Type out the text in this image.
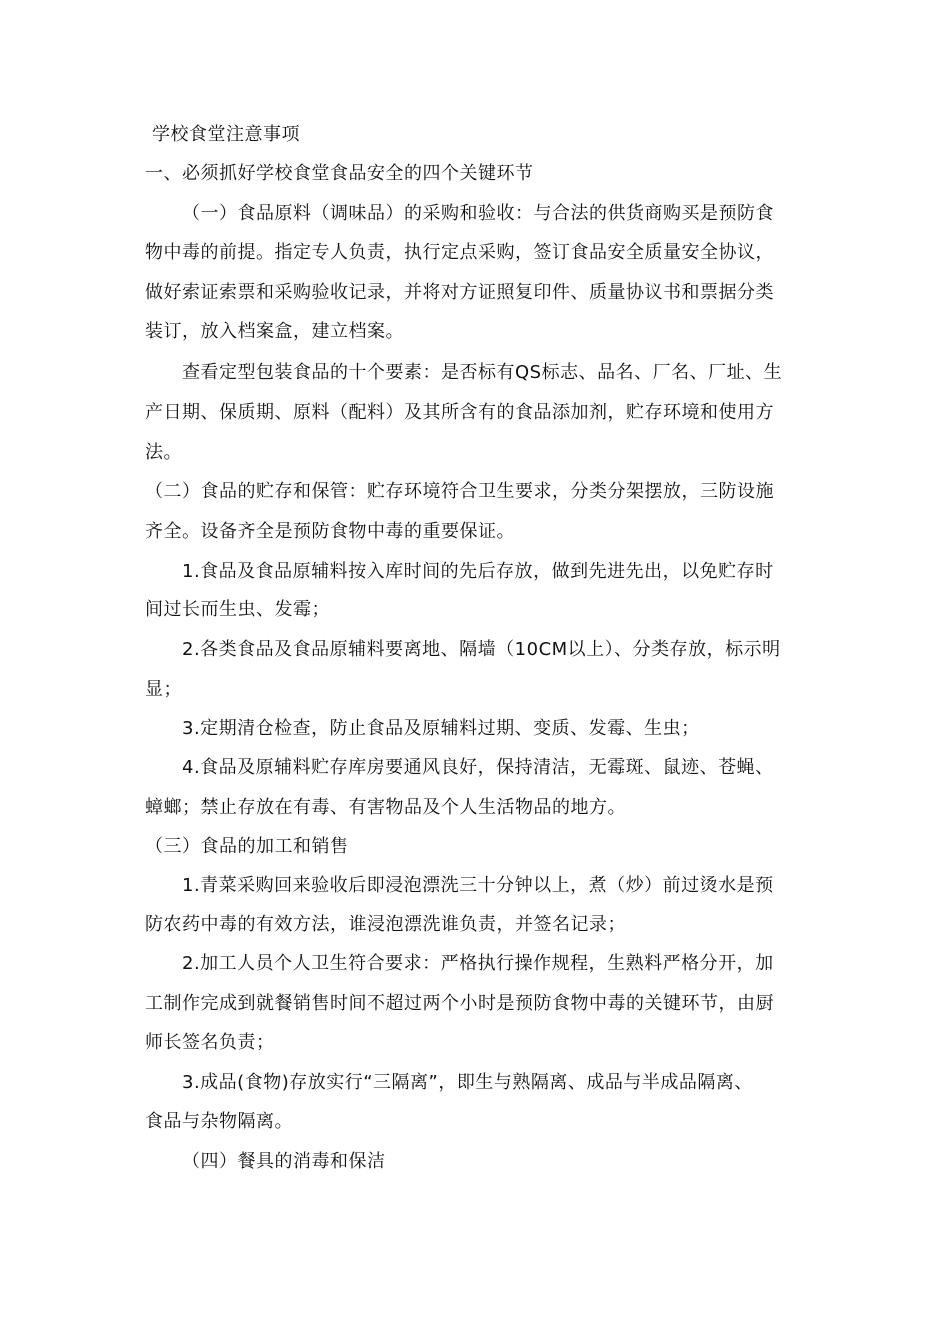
学校食堂注意事项
一、必须抓好学校食堂食品安全的四个关键环节
（一）食品原料（调味品）的采购和验收：与合法的供货商购买是预防食
物中毒的前提。指定专人负责，执行定点采购，签订食品安全质量安全协议，
做好索证索票和采购验收记录，并将对方证照复印件、质量协议书和票据分类
装订，放入档案盒，建立档案。
查看定型包装食品的十个要素：是否标有QS标志、品名、厂名、厂址、生
产日期、保质期、原料（配料）及其所含有的食品添加剂，贮存环境和使用方
法。
（二）食品的贮存和保管：贮存环境符合卫生要求，分类分架摆放，三防设施
齐全。设备齐全是预防食物中毒的重要保证。
1.食品及食品原辅料按入库时间的先后存放，做到先进先出，以免贮存时
间过长而生虫、发霉；
2.各类食品及食品原辅料要离地、隔墙（10CM以上）、分类存放，标示明
显；
3.定期清仓检查，防止食品及原辅料过期、变质、发霉、生虫；
4.食品及原辅料贮存库房要通风良好，保持清洁，无霉斑、鼠迹、苍蝇、
蟑螂；禁止存放在有毒、有害物品及个人生活物品的地方。
（三）食品的加工和销售
1.青菜采购回来验收后即浸泡漂洗三十分钟以上，煮（炒）前过烫水是预
防农药中毒的有效方法，谁浸泡漂洗谁负责，并签名记录；
2.加工人员个人卫生符合要求：严格执行操作规程，生熟料严格分开，加
工制作完成到就餐销售时间不超过两个小时是预防食物中毒的关键环节，由厨
师长签名负责；
3.成品(食物)存放实行“三隔离”，即生与熟隔离、成品与半成品隔离、
食品与杂物隔离。
（四）餐具的消毒和保洁
